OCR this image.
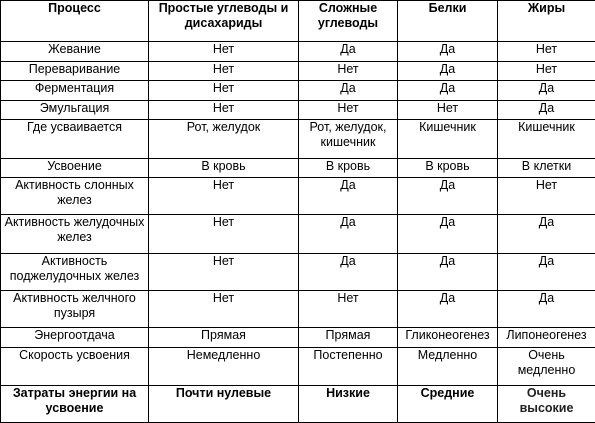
Процесс	Простые углеводы и дисахариды	Сложные углеводы	Белки	Жиры
Жевание	Нет	Да	Да	Нет
Переваривание	Нет	Нет	Да	Нет
Ферментация	Нет	Да	Да	Да
Эмульгация	Нет	Нет	Нет	Да
Где усваивается	Рот, желудок	Рот, желудок, кишечник	Кишечник	Кишечник
Усвоение	В кровь	В кровь	В кровь	В клетки
Активность слонных желез	Нет	Да	Да	Нет
Активность желудочных желез	Нет	Да	Да	Да
Активность поджелудочных желез	Нет	Да	Да	Да
Активность желчного пузыря	Нет	Нет	Да	Да
Энергоотдача	Прямая	Прямая	Гликонеогенез	Липонеогенез
Скорость усвоения	Немедленно	Постепенно	Медленно	Очень медленно
Затраты энергии на усвоение	Почти нулевые	Низкие	Средние	Очень высокие
